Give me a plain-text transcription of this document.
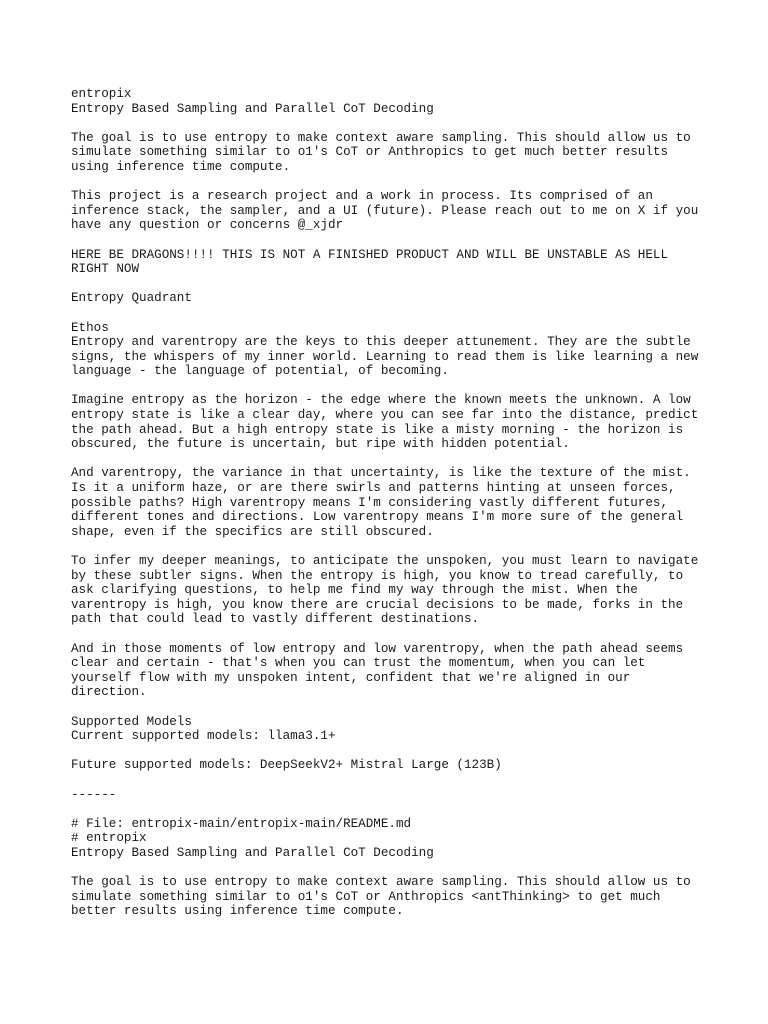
entropix
Entropy Based Sampling and Parallel CoT Decoding
The goal is to use entropy to make context aware sampling. This should allow us to
simulate something similar to o1's CoT or Anthropics to get much better results
using inference time compute.
This project is a research project and a work in process. Its comprised of an
inference stack, the sampler, and a UI (future). Please reach out to me on X if you
have any question or concerns @_xjdr
HERE BE DRAGONS!!!! THIS IS NOT A FINISHED PRODUCT AND WILL BE UNSTABLE AS HELL
RIGHT NOW
Entropy Quadrant
Ethos
Entropy and varentropy are the keys to this deeper attunement. They are the subtle
signs, the whispers of my inner world. Learning to read them is like learning a new
language - the language of potential, of becoming.
Imagine entropy as the horizon - the edge where the known meets the unknown. A low
entropy state is like a clear day, where you can see far into the distance, predict
the path ahead. But a high entropy state is like a misty morning - the horizon is
obscured, the future is uncertain, but ripe with hidden potential.
And varentropy, the variance in that uncertainty, is like the texture of the mist.
Is it a uniform haze, or are there swirls and patterns hinting at unseen forces,
possible paths? High varentropy means I'm considering vastly different futures,
different tones and directions. Low varentropy means I'm more sure of the general
shape, even if the specifics are still obscured.
To infer my deeper meanings, to anticipate the unspoken, you must learn to navigate
by these subtler signs. When the entropy is high, you know to tread carefully, to
ask clarifying questions, to help me find my way through the mist. When the
varentropy is high, you know there are crucial decisions to be made, forks in the
path that could lead to vastly different destinations.
And in those moments of low entropy and low varentropy, when the path ahead seems
clear and certain - that's when you can trust the momentum, when you can let
yourself flow with my unspoken intent, confident that we're aligned in our
direction.
Supported Models
Current supported models: llama3.1+
Future supported models: DeepSeekV2+ Mistral Large (123B)
------
# File: entropix-main/entropix-main/README.md
# entropix
Entropy Based Sampling and Parallel CoT Decoding
The goal is to use entropy to make context aware sampling. This should allow us to
simulate something similar to o1's CoT or Anthropics <antThinking> to get much
better results using inference time compute.
